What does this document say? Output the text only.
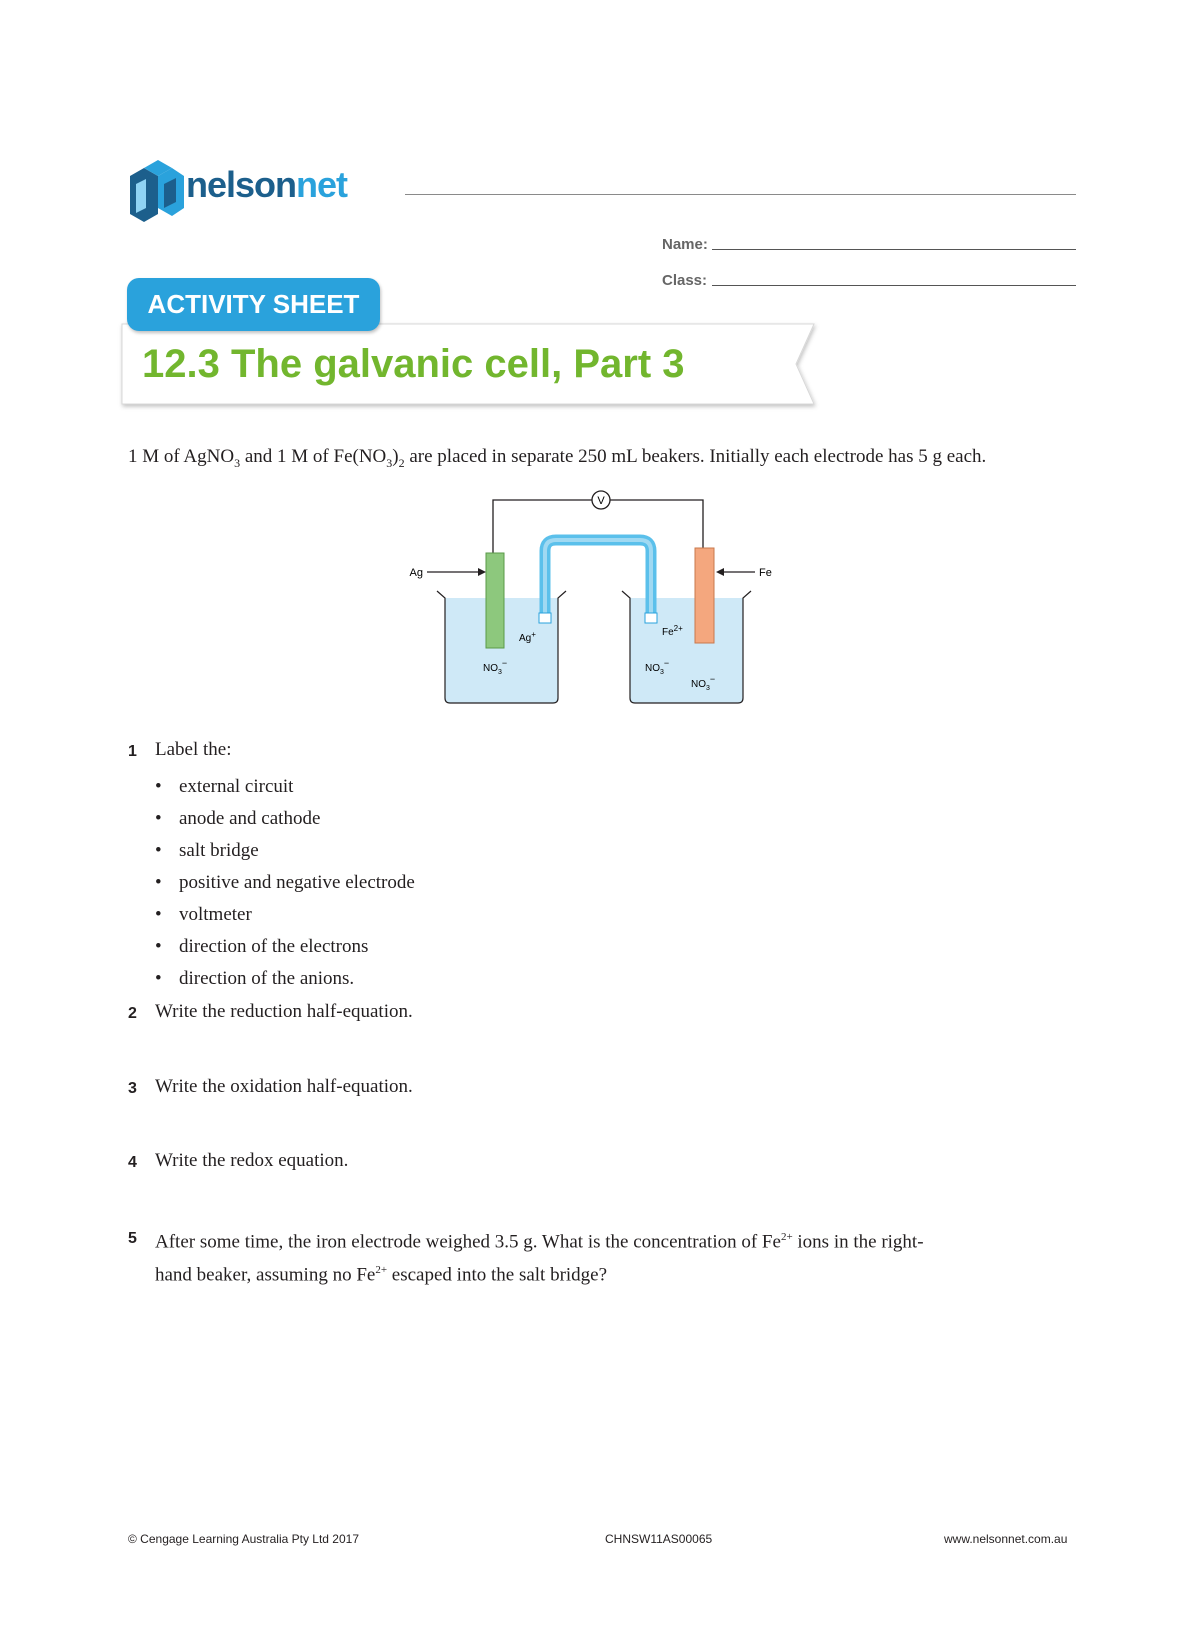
nelsonnet
Name:
Class:
ACTIVITY SHEET
12.3 The galvanic cell, Part 3
1 M of AgNO$_3$ and 1 M of $Fe(NO_3)_2$ are placed in separate 250 mL beakers. Initially each electrode has 5 g each.
V
Ag	Fe
Ag+	$Fe^{2+}$
$NO_3-$	$NO_3-$
$NO_3-$
1 Label the:
• external circuit
• anode and cathode
• salt bridge
• positive and negative electrode
• voltmeter
• direction of the electrons
• direction of the anions.
2 Write the reduction half-equation.
3 Write the oxidation half-equation.
4 Write the redox equation.
5 After some time, the iron electrode weighed 3.5 g. What is the concentration of $Fe^{2+}$ ions in the right-
hand beaker, assuming no $Fe^{2+}$ escaped into the salt bridge?
© Cengage Learning Australia Pty Ltd 2017	CHNSW11AS00065	www.nelsonnet.com.au
